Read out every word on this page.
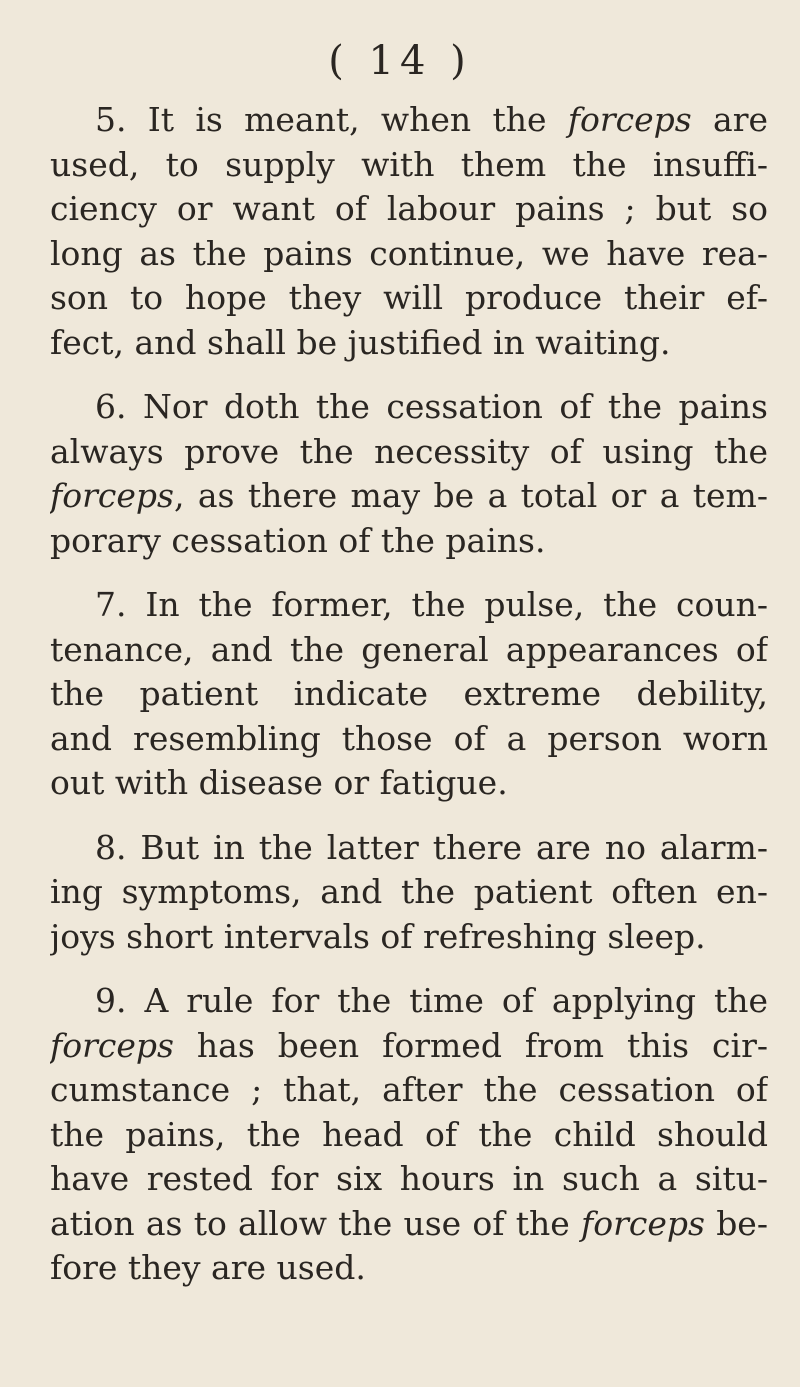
( 14 )
5. It is meant, when the forceps are
used, to supply with them the insuffi-
ciency or want of labour pains ; but so
long as the pains continue, we have rea-
son to hope they will produce their ef-
fect, and shall be justified in waiting.
6. Nor doth the cessation of the pains
always prove the necessity of using the
forceps, as there may be a total or a tem-
porary cessation of the pains.
7. In the former, the pulse, the coun-
tenance, and the general appearances of
the patient indicate extreme debility,
and resembling those of a person worn
out with disease or fatigue.
8. But in the latter there are no alarm-
ing symptoms, and the patient often en-
joys short intervals of refreshing sleep.
9. A rule for the time of applying the
forceps has been formed from this cir-
cumstance ; that, after the cessation of
the pains, the head of the child should
have rested for six hours in such a situ-
ation as to allow the use of the forceps be-
fore they are used.
